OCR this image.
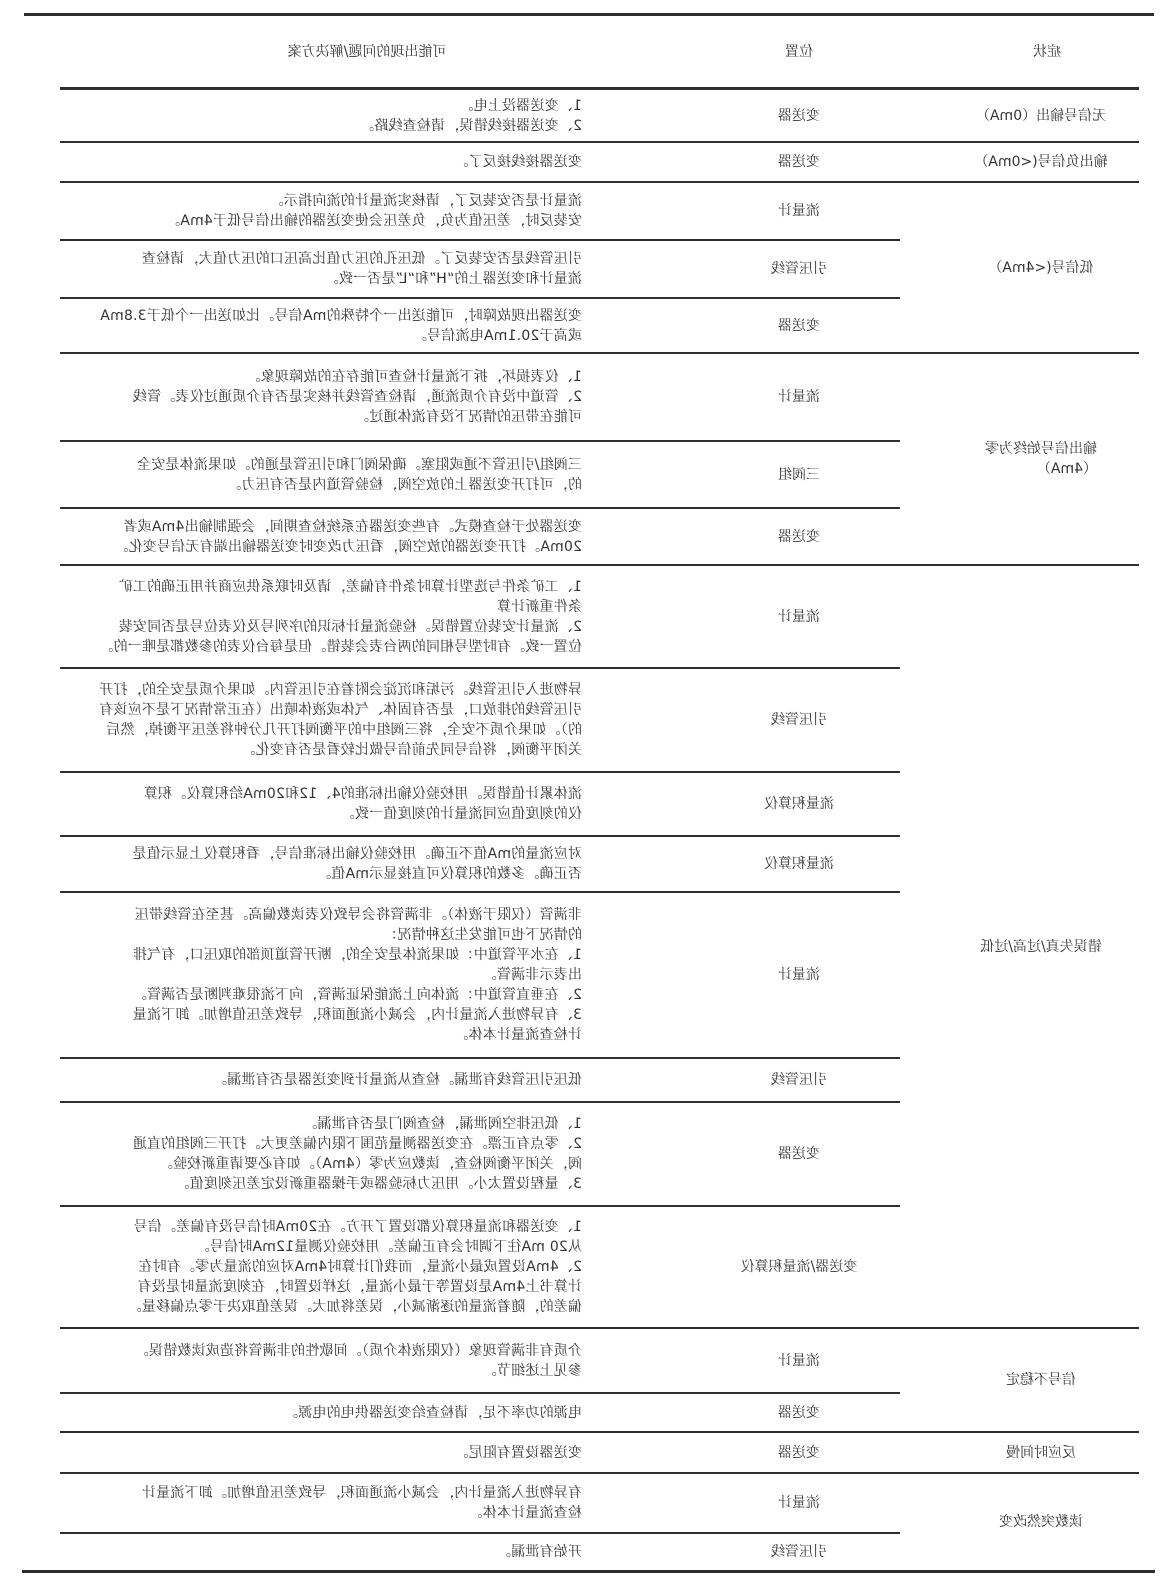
症状
位置
可能出现的问题/解决方案
无信号输出（0mA）
变送器
1、变送器没上电。
2、变送器接线错误，请检查线路。
输出负信号(<0mA）
变送器
变送器接线接反了。
低信号(<4mA）
流量计
流量计是否安装反了，请核实流量计的流向指示。
安装反时，差压值为负，负差压会使变送器的输出信号低于4mA。
引压管线
引压管线是否安装反了。低压孔的压力值比高压口的压力值大，请检查
流量计和变送器上的“H”和“L”是否一致。
变送器
变送器出现故障时，可能送出一个特殊的mA信号。比如送出一个低于3.8mA
或高于20.1mA电流信号。
输出信号始终为零
（4mA）
流量计
1、仪表损坏，拆下流量计检查可能存在的故障现象。
2、管道中没有介质流通，请检查管线并核实是否有介质通过仪表。管线
可能在带压的情况下没有流体通过。
三阀组
三阀组/引压管不通或阻塞。确保阀门和引压管是通的。如果流体是安全
的，可打开变送器上的放空阀，检验管道内是否有压力。
变送器
变送器处于检查模式。有些变送器在系统检查期间，会强制输出4mA或者
20mA。打开变送器的放空阀，看压力改变时变送器输出端有无信号变化。
错误失真/过高/过低
流量计
1、工矿条件与选型计算时条件有偏差，请及时联系供应商并用正确的工矿
条件重新计算
2、流量计安装位置错误。检验流量计标识的序列号及仪表位号是否同安装
位置一致。有时型号相同的两台表会装错。但是每台仪表的参数都是唯一的。
引压管线
异物进入引压管线。污垢和沉淀会附着在引压管内。如果介质是安全的，打开
引压管线的排放口，是否有固体、气体或液体喷出（在正常情况下是不应该有
的）。如果介质不安全，将三阀组中的平衡阀打开几分钟将差压平衡掉，然后
关闭平衡阀，将信号同先前信号做比较看是否有变化。
流量积算仪
流体累计值错误。用校验仪输出标准的4、12和20mA给积算仪。积算
仪的刻度值应同流量计的刻度值一致。
流量积算仪
对应流量的mA值不正确。用校验仪输出标准信号，看积算仪上显示值是
否正确。多数的积算仪可直接显示mA值。
流量计
非满管（仅限于液体）。非满管将会导致仪表读数偏高。甚至在管线带压
的情况下也可能发生这种情况：
1、在水平管道中：如果流体是安全的，断开管道顶部的取压口，有气排
出表示非满管。
2、在垂直管道中：流体向上流能保证满管，向下流很难判断是否满管。
3、有异物进入流量计内，会减小流通面积，导致差压值增加。卸下流量
计检查流量计本体。
引压管线
低压引压管线有泄漏。检查从流量计到变送器是否有泄漏。
变送器
1、低压排空阀泄漏，检查阀门是否有泄漏。
2、零点有正漂。在变送器测量范围下限内偏差更大。打开三阀组的直通
阀，关闭平衡阀检查，读数应为零（4mA）。如有必要请重新校验。
3、量程设置太小。用压力标验器或手操器重新设定差压刻度值。
变送器/流量积算仪
1、变送器和流量积算仪都设置了开方。在20mA时信号没有偏差。信号
从20 mA往下调时会有正偏差。用校验仪测量12mA时信号。
2、4mA设置成最小流量，而我们计算时4mA对应的流量为零。有时在
计算书上4mA是设置等于最小流量，这样设置时，在刻度流量时是没有
偏差的，随着流量的逐渐减小，误差将加大。误差值取决于零点偏移量。
信号不稳定
流量计
介质有非满管现象（仅限液体介质）。间歇性的非满管将造成读数错误。
参见上述细节。
变送器
电源的功率不足，请检查给变送器供电的电源。
反应时间慢
变送器
变送器设置有阻尼。
读数突然改变
流量计
有异物进入流量计内，会减小流通面积，导致差压值增加。卸下流量计
检查流量计本体。
引压管线
开始有泄漏。
